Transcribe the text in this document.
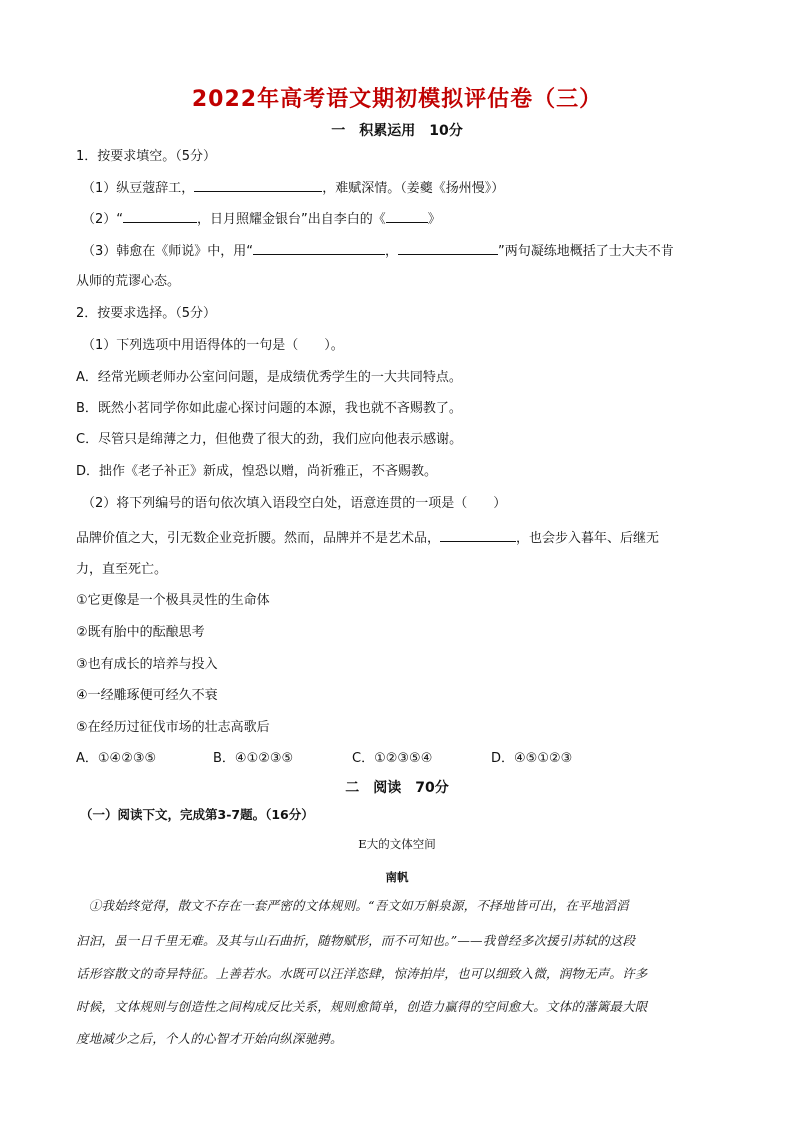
2022年高考语文期初模拟评估卷（三）
一　积累运用　10分
1．按要求填空。（5分）
（1）纵豆蔻辞工，	，难赋深情。（姜夔《扬州慢》）
（2）“	，日月照耀金银台”出自李白的《	》
（3）韩愈在《师说》中，用“	，	”两句凝练地概括了士大夫不肯
从师的荒谬心态。
2．按要求选择。（5分）
（1）下列选项中用语得体的一句是（　　）。
A．经常光顾老师办公室问问题，是成绩优秀学生的一大共同特点。
B．既然小茗同学你如此虚心探讨问题的本源，我也就不吝赐教了。
C．尽管只是绵薄之力，但他费了很大的劲，我们应向他表示感谢。
D．拙作《老子补正》新成，惶恐以赠，尚祈雅正，不吝赐教。
（2）将下列编号的语句依次填入语段空白处，语意连贯的一项是（　　）
品牌价值之大，引无数企业竞折腰。然而，品牌并不是艺术品，	，也会步入暮年、后继无
力，直至死亡。
①它更像是一个极具灵性的生命体
②既有胎中的酝酿思考
③也有成长的培养与投入
④一经雕琢便可经久不衰
⑤在经历过征伐市场的壮志高歌后
A．①④②③⑤	B．④①②③⑤	C．①②③⑤④	D．④⑤①②③
二　阅读　70分
（一）阅读下文，完成第3-7题。（16分）
E大的文体空间
南帆
　①我始终觉得，散文不存在一套严密的文体规则。“吾文如万斛泉源，不择地皆可出，在平地滔滔
汩汩，虽一日千里无难。及其与山石曲折，随物赋形，而不可知也。”——我曾经多次援引苏轼的这段
话形容散文的奇异特征。上善若水。水既可以汪洋恣肆，惊涛拍岸，也可以细致入微，润物无声。许多
时候，文体规则与创造性之间构成反比关系，规则愈简单，创造力赢得的空间愈大。文体的藩篱最大限
度地减少之后，个人的心智才开始向纵深驰骋。
